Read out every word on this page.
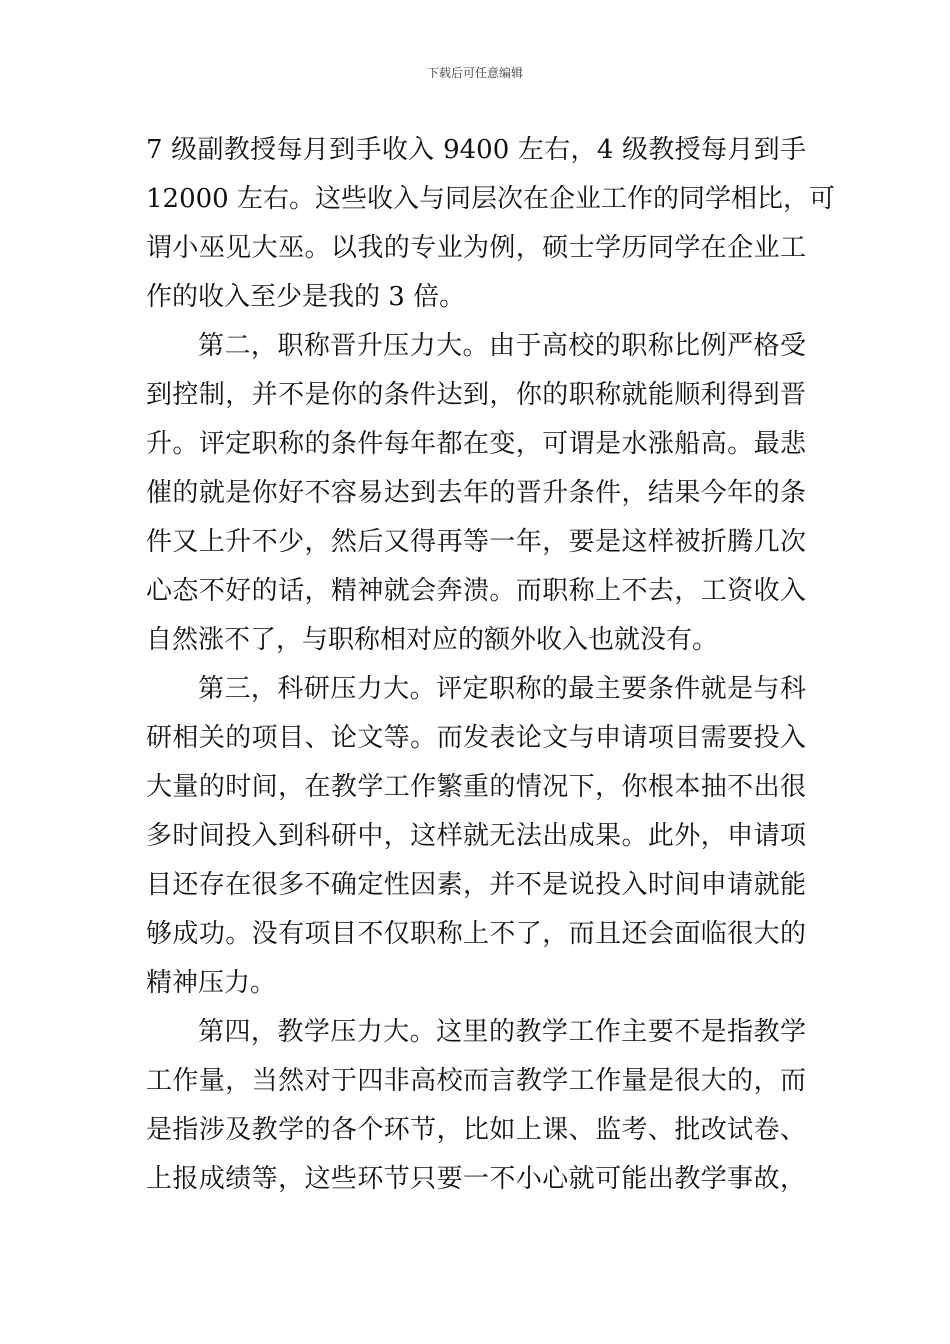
下载后可任意编辑
7 级副教授每月到手收入 9400 左右，4 级教授每月到手
12000 左右。这些收入与同层次在企业工作的同学相比，可
谓小巫见大巫。以我的专业为例，硕士学历同学在企业工
作的收入至少是我的 3 倍。
第二，职称晋升压力大。由于高校的职称比例严格受
到控制，并不是你的条件达到，你的职称就能顺利得到晋
升。评定职称的条件每年都在变，可谓是水涨船高。最悲
催的就是你好不容易达到去年的晋升条件，结果今年的条
件又上升不少，然后又得再等一年，要是这样被折腾几次
心态不好的话，精神就会奔溃。而职称上不去，工资收入
自然涨不了，与职称相对应的额外收入也就没有。
第三，科研压力大。评定职称的最主要条件就是与科
研相关的项目、论文等。而发表论文与申请项目需要投入
大量的时间，在教学工作繁重的情况下，你根本抽不出很
多时间投入到科研中，这样就无法出成果。此外，申请项
目还存在很多不确定性因素，并不是说投入时间申请就能
够成功。没有项目不仅职称上不了，而且还会面临很大的
精神压力。
第四，教学压力大。这里的教学工作主要不是指教学
工作量，当然对于四非高校而言教学工作量是很大的，而
是指涉及教学的各个环节，比如上课、监考、批改试卷、
上报成绩等，这些环节只要一不小心就可能出教学事故，
